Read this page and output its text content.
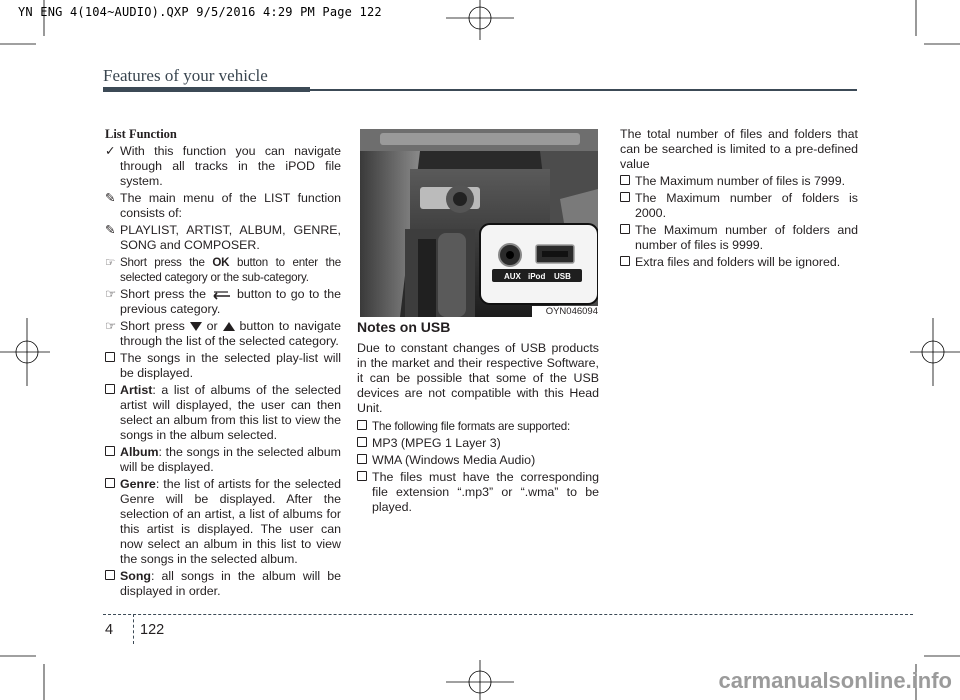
YN ENG 4(104~AUDIO).QXP 9/5/2016 4:29 PM Page 122
Features of your vehicle

List Function

✓ With this function you can navigate through all tracks in the iPOD file system.

✎ The main menu of the LIST function consists of:

✎ PLAYLIST, ARTIST, ALBUM, GENRE, SONG and COMPOSER.

☞ Short press the OK button to enter the selected category or the sub-category.

☞ Short press the  button to go to the previous category.

☞ Short press  or  button to navigate through the list of the selected category.

The songs in the selected play-list will be displayed.

Artist: a list of albums of the selected artist will displayed, the user can then select an album from this list to view the songs in the album selected.

Album: the songs in the selected album will be displayed.

Genre: the list of artists for the selected Genre will be displayed. After the selection of an artist, a list of albums for this artist is displayed. The user can now select an album in this list to view the songs in the selected album.

Song: all songs in the album will be displayed in order.

AUX iPod USB
OYN046094

Notes on USB

Due to constant changes of USB products in the market and their respective Software, it can be possible that some of the USB devices are not compatible with this Head Unit.

The following file formats are supported:

MP3 (MPEG 1 Layer 3)

WMA (Windows Media Audio)

The files must have the corresponding file extension “.mp3” or “.wma” to be played.

The total number of files and folders that can be searched is limited to a pre-defined value

The Maximum number of files is 7999.

The Maximum number of folders is 2000.

The Maximum number of folders and number of files is 9999.

Extra files and folders will be ignored.

4 122
carmanualsonline.info
